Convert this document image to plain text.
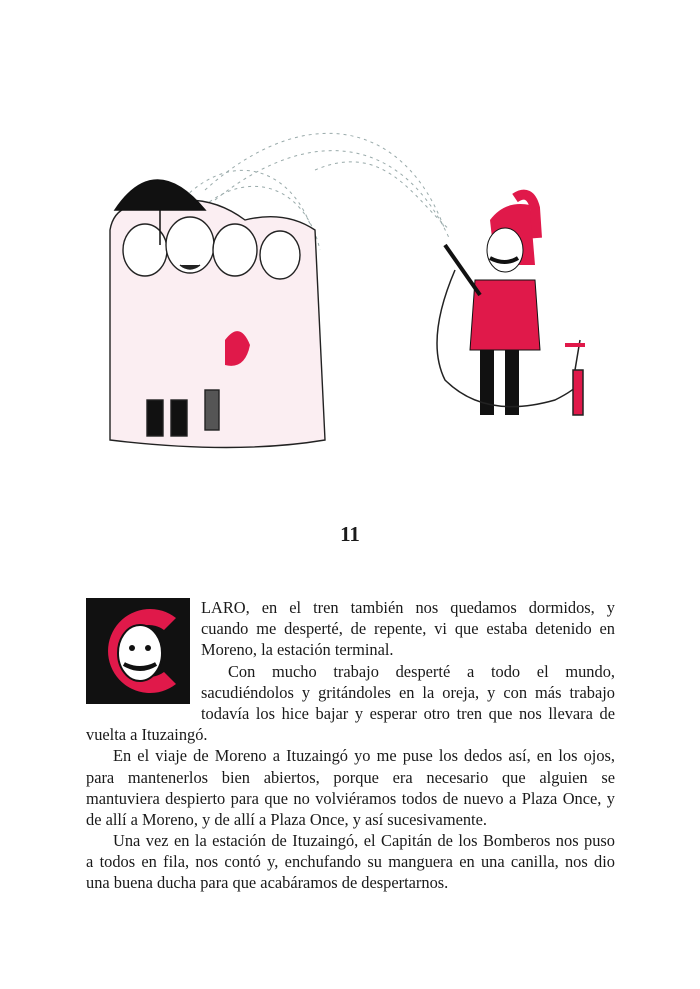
11
LARO, en el tren también nos quedamos dormidos, y
cuando me desperté, de repente, vi que estaba detenido en
Moreno, la estación terminal.
Con mucho trabajo desperté a todo el mundo,
sacudiéndolos y gritándoles en la oreja, y con más trabajo
todavía los hice bajar y esperar otro tren que nos llevara de
vuelta a Ituzaingó.
En el viaje de Moreno a Ituzaingó yo me puse los dedos así, en los ojos,
para mantenerlos bien abiertos, porque era necesario que alguien se
mantuviera despierto para que no volviéramos todos de nuevo a Plaza Once, y
de allí a Moreno, y de allí a Plaza Once, y así sucesivamente.
Una vez en la estación de Ituzaingó, el Capitán de los Bomberos nos puso
a todos en fila, nos contó y, enchufando su manguera en una canilla, nos dio
una buena ducha para que acabáramos de despertarnos.
